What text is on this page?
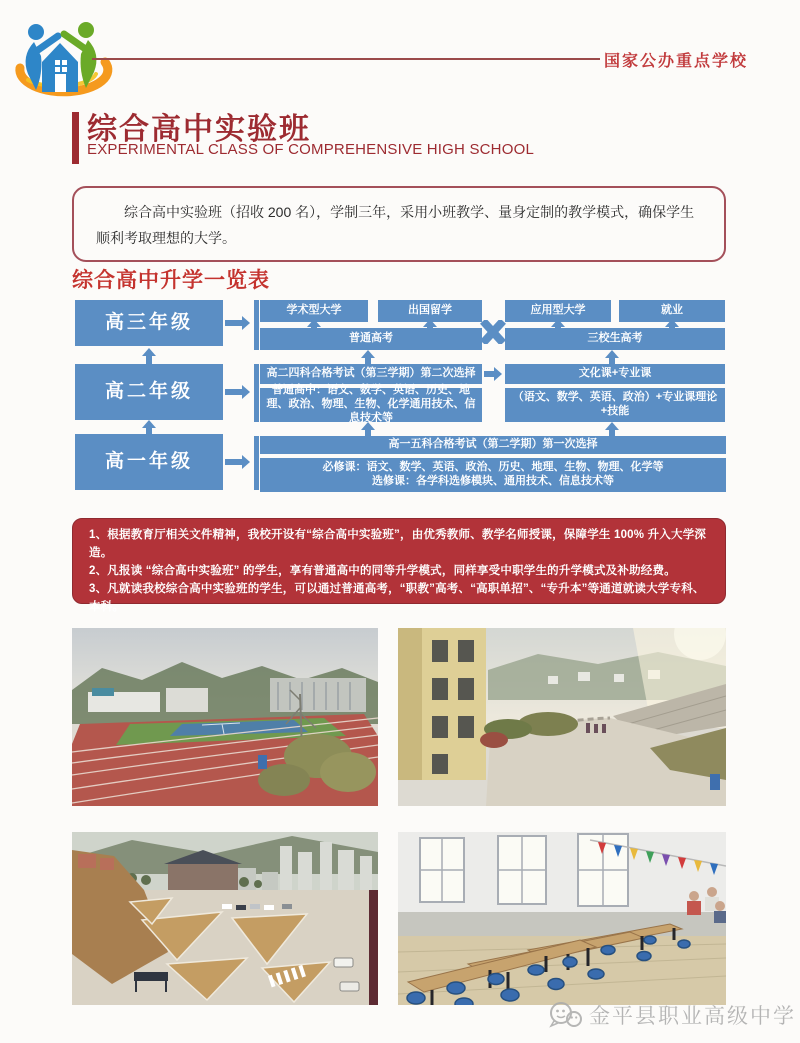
国家公办重点学校
综合高中实验班
EXPERIMENTAL CLASS OF COMPREHENSIVE HIGH SCHOOL

综合高中实验班（招收 200 名），学制三年，采用小班教学、量身定制的教学模式，确保学生顺利考取理想的大学。

综合高中升学一览表
高三年级
高二年级
高一年级
学术型大学	出国留学	应用型大学	就业
普通高考	三校生高考
高二四科合格考试（第三学期）第二次选择	文化课+专业课
普通高中：语文、数学、英语、历史、地理、政治、物理、生物、化学通用技术、信息技术等
（语文、数学、英语、政治）+专业课理论+技能
高一五科合格考试（第二学期）第一次选择
必修课：语文、数学、英语、政治、历史、地理、生物、物理、化学等
选修课：各学科选修模块、通用技术、信息技术等

1、根据教育厅相关文件精神，我校开设有“综合高中实验班”，由优秀教师、教学名师授课，保障学生 100% 升入大学深造。

2、凡报读 “综合高中实验班” 的学生，享有普通高中的同等升学模式，同样享受中职学生的升学模式及补助经费。

3、凡就读我校综合高中实验班的学生，可以通过普通高考，“职教”高考、“高职单招”、“专升本”等通道就读大学专科、本科。

金平县职业高级中学
